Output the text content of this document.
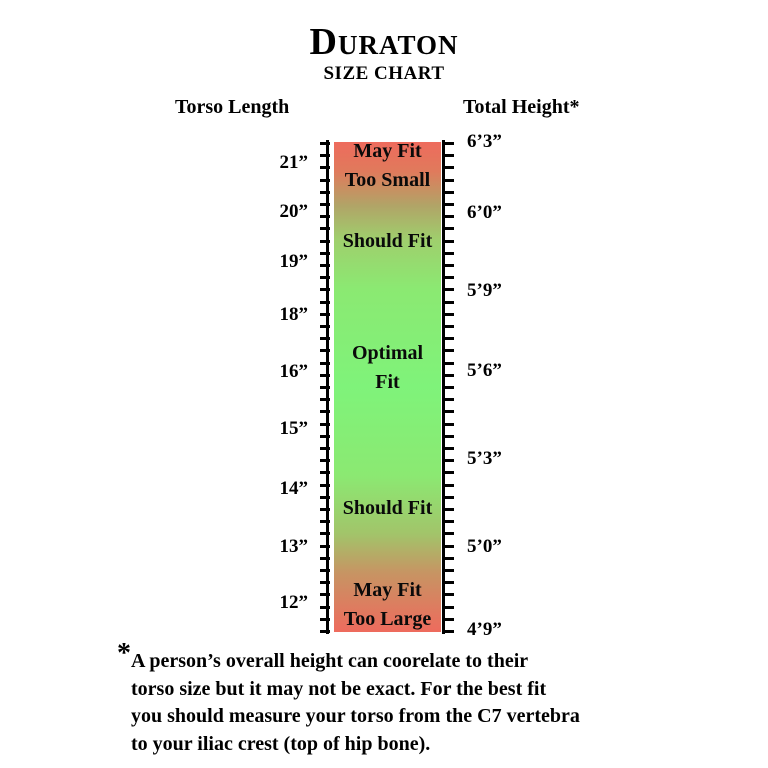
DURATON
SIZE CHART
Torso Length	Total Height*
21”
20”
19”
18”
16”
15”
14”
13”
12”
6’3”
6’0”
5’9”
5’6”
5’3”
5’0”
4’9”
May Fit
Too Small
Should Fit
Optimal
Fit
Should Fit
May Fit
Too Large
* A person’s overall height can coorelate to their
torso size but it may not be exact. For the best fit
you should measure your torso from the C7 vertebra
to your iliac crest (top of hip bone).
